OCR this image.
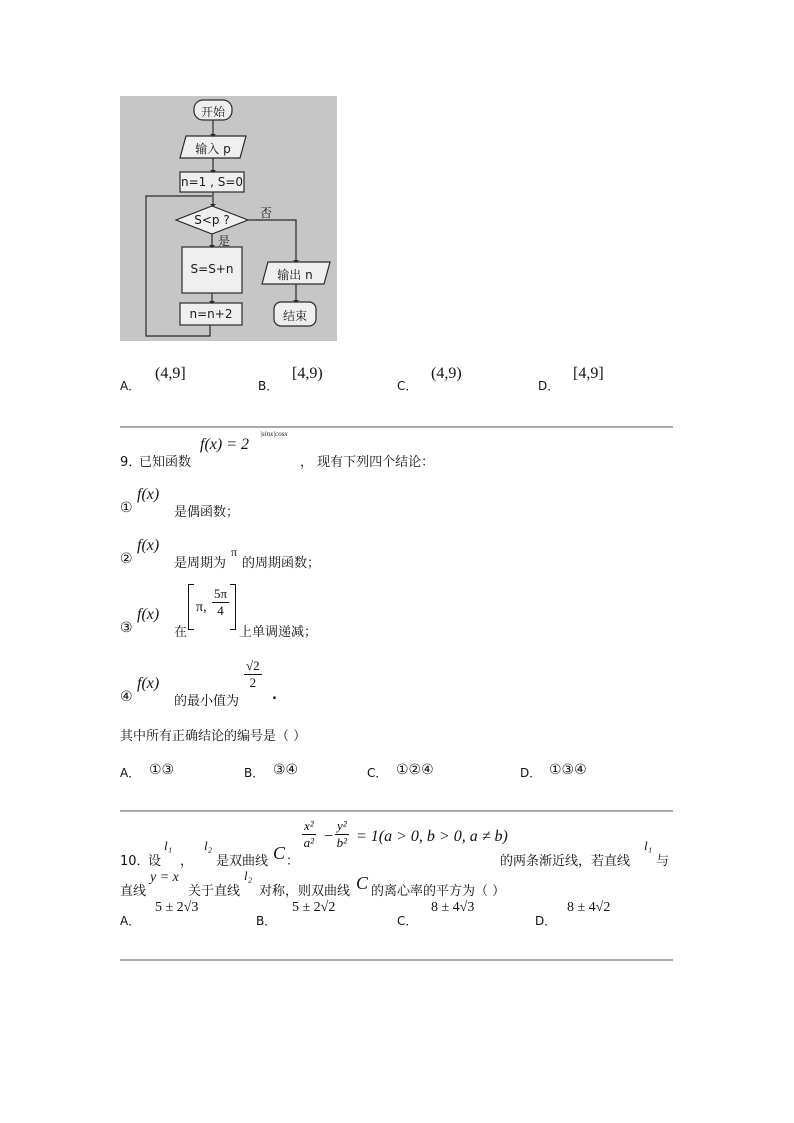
开始
输入 p
n=1 , S=0
S<p ?	否
是
S=S+n
n=n+2
输出 n
结束
A．
(4,9]
B．
[4,9)
C．
(4,9)
D．
[4,9]
9．
已知函数
f(x) = 2
|sinx|cosx
， 现有下列四个结论：
①
f(x)
是偶函数；
②
f(x)
是周期为
π
的周期函数；
③
f(x)
在
π, $\frac{5\pi}{4}$
上单调递减；
④
f(x)
的最小值为
$\frac{√2}{2}$
.
其中所有正确结论的编号是（ ）
A． ①③	B． ③④	C． ①②④	D． ①③④
10．
设
l₁
，
l₂
是双曲线 C ：
$\frac{\text{x²}}{\text{a²}} - \frac{\text{y²}}{\text{b²}} = 1(a > 0$, b > 0, a ≠ b)
的两条渐近线，若直线
l₁
与
直线
y = x
关于直线
l₂
对称，则双曲线 C 的离心率的平方为（ ）
A．
5 ± 2√3
B．
5 ± 2√2
C．
8 ± 4√3
D．
8 ± 4√2
